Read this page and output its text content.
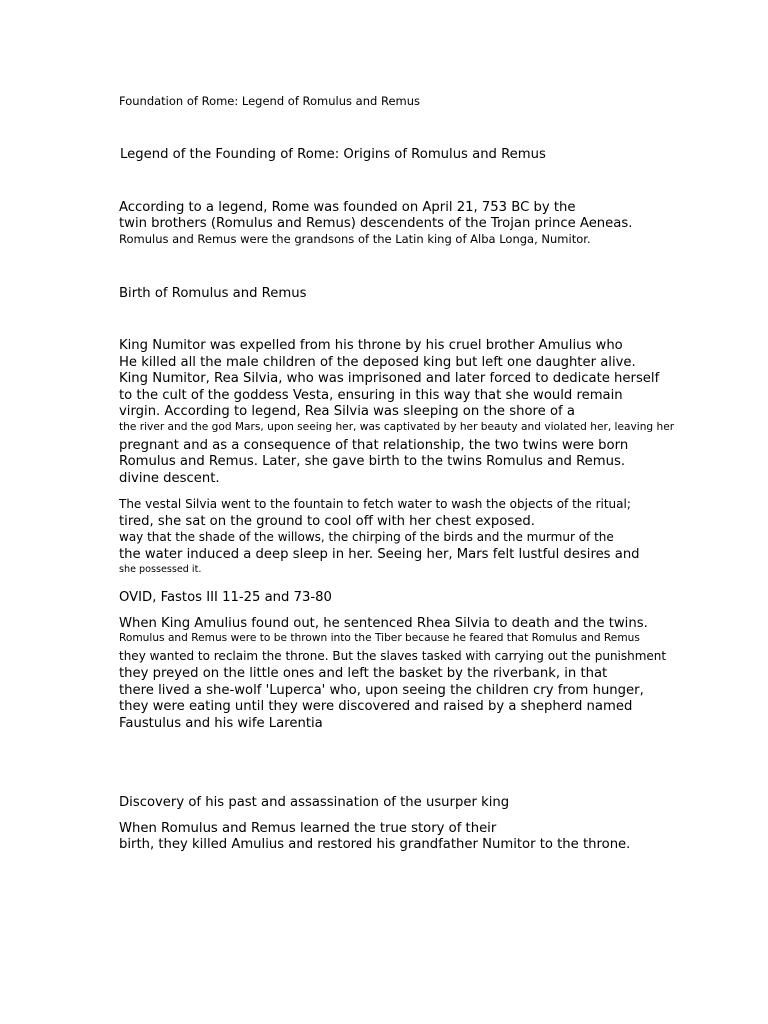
Foundation of Rome: Legend of Romulus and Remus
Legend of the Founding of Rome: Origins of Romulus and Remus
According to a legend, Rome was founded on April 21, 753 BC by the
twin brothers (Romulus and Remus) descendents of the Trojan prince Aeneas.
Romulus and Remus were the grandsons of the Latin king of Alba Longa, Numitor.
Birth of Romulus and Remus
King Numitor was expelled from his throne by his cruel brother Amulius who
He killed all the male children of the deposed king but left one daughter alive.
King Numitor, Rea Silvia, who was imprisoned and later forced to dedicate herself
to the cult of the goddess Vesta, ensuring in this way that she would remain
virgin. According to legend, Rea Silvia was sleeping on the shore of a
the river and the god Mars, upon seeing her, was captivated by her beauty and violated her, leaving her
pregnant and as a consequence of that relationship, the two twins were born
Romulus and Remus. Later, she gave birth to the twins Romulus and Remus.
divine descent.
The vestal Silvia went to the fountain to fetch water to wash the objects of the ritual;
tired, she sat on the ground to cool off with her chest exposed.
way that the shade of the willows, the chirping of the birds and the murmur of the
the water induced a deep sleep in her. Seeing her, Mars felt lustful desires and
she possessed it.
OVID, Fastos III 11-25 and 73-80
When King Amulius found out, he sentenced Rhea Silvia to death and the twins.
Romulus and Remus were to be thrown into the Tiber because he feared that Romulus and Remus
they wanted to reclaim the throne. But the slaves tasked with carrying out the punishment
they preyed on the little ones and left the basket by the riverbank, in that
there lived a she-wolf 'Luperca' who, upon seeing the children cry from hunger,
they were eating until they were discovered and raised by a shepherd named
Faustulus and his wife Larentia
Discovery of his past and assassination of the usurper king
When Romulus and Remus learned the true story of their
birth, they killed Amulius and restored his grandfather Numitor to the throne.
